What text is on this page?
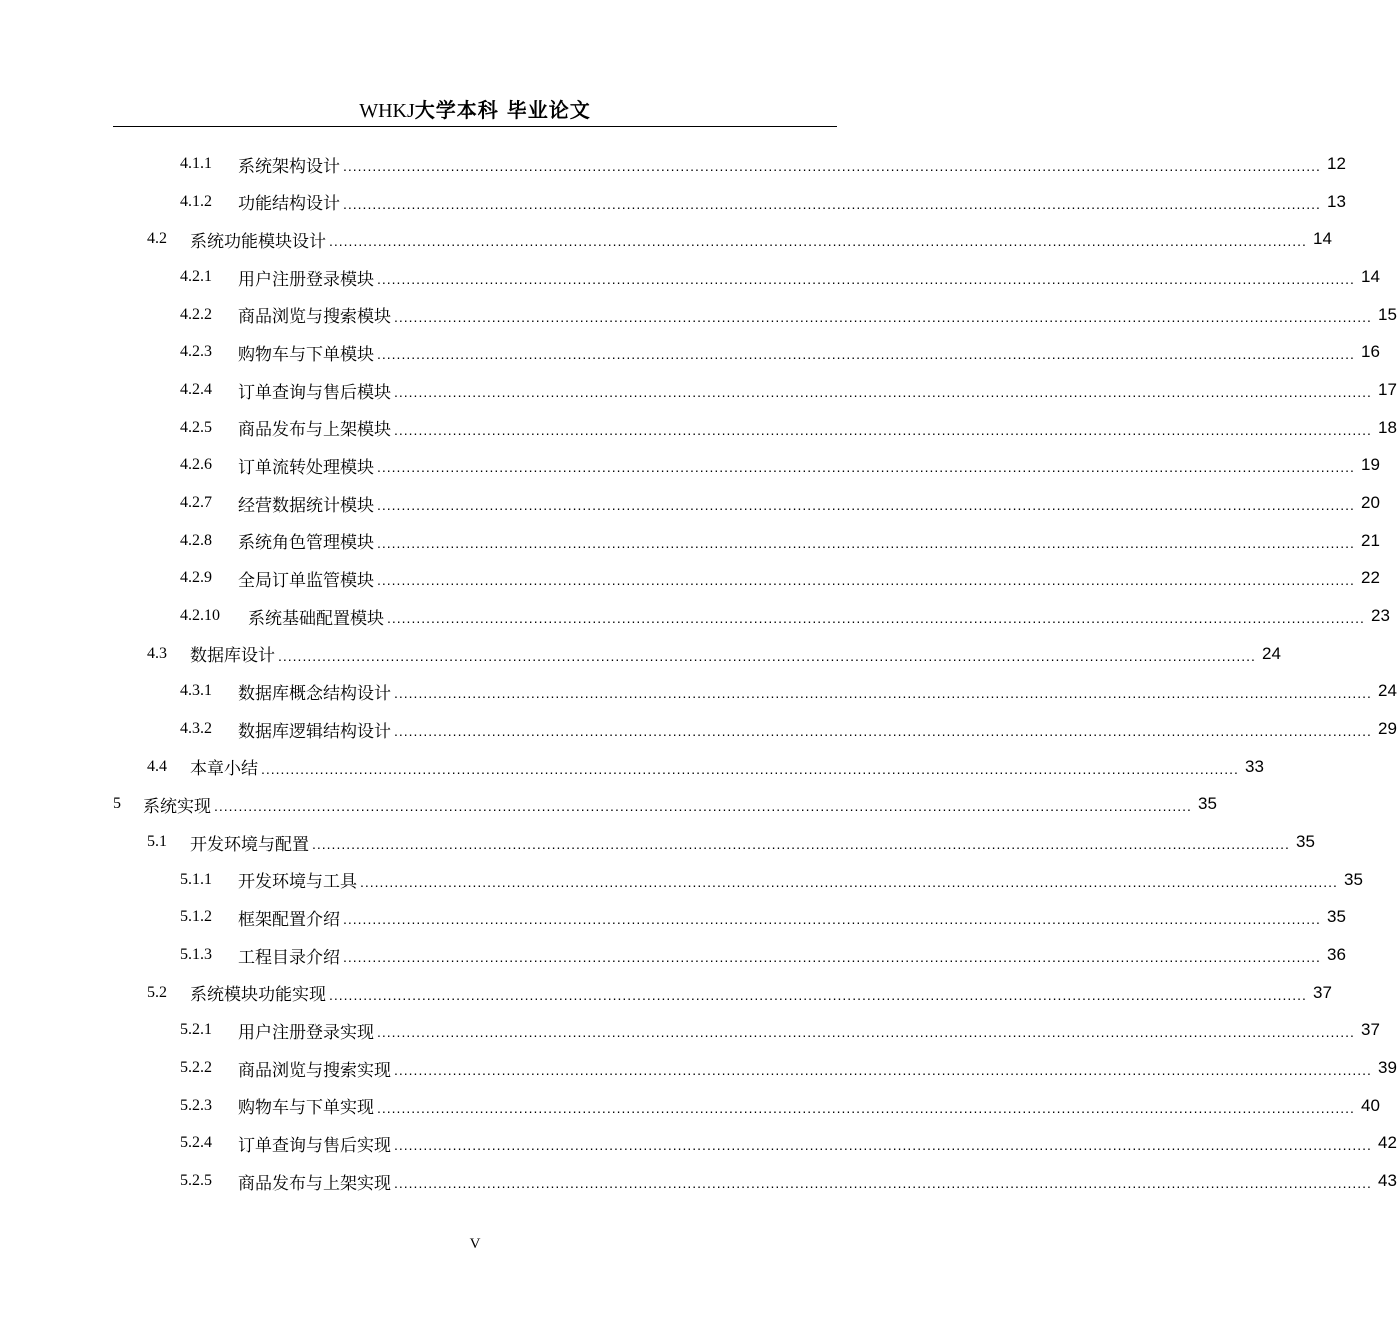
WHKJ大学本科 毕业论文
4.1.1	系统架构设计 ........................................................................................................................................................................................................ 12
4.1.2	功能结构设计 ........................................................................................................................................................................................................ 13
4.2	系统功能模块设计 ........................................................................................................................................................................................................ 14
4.2.1	用户注册登录模块 ........................................................................................................................................................................................................ 14
4.2.2	商品浏览与搜索模块 ........................................................................................................................................................................................................ 15
4.2.3	购物车与下单模块 ........................................................................................................................................................................................................ 16
4.2.4	订单查询与售后模块 ........................................................................................................................................................................................................ 17
4.2.5	商品发布与上架模块 ........................................................................................................................................................................................................ 18
4.2.6	订单流转处理模块 ........................................................................................................................................................................................................ 19
4.2.7	经营数据统计模块 ........................................................................................................................................................................................................ 20
4.2.8	系统角色管理模块 ........................................................................................................................................................................................................ 21
4.2.9	全局订单监管模块 ........................................................................................................................................................................................................ 22
4.2.10	系统基础配置模块 ........................................................................................................................................................................................................ 23
4.3	数据库设计 ........................................................................................................................................................................................................ 24
4.3.1	数据库概念结构设计 ........................................................................................................................................................................................................ 24
4.3.2	数据库逻辑结构设计 ........................................................................................................................................................................................................ 29
4.4	本章小结 ........................................................................................................................................................................................................ 33
5	系统实现 ........................................................................................................................................................................................................ 35
5.1	开发环境与配置 ........................................................................................................................................................................................................ 35
5.1.1	开发环境与工具 ........................................................................................................................................................................................................ 35
5.1.2	框架配置介绍 ........................................................................................................................................................................................................ 35
5.1.3	工程目录介绍 ........................................................................................................................................................................................................ 36
5.2	系统模块功能实现 ........................................................................................................................................................................................................ 37
5.2.1	用户注册登录实现 ........................................................................................................................................................................................................ 37
5.2.2	商品浏览与搜索实现 ........................................................................................................................................................................................................ 39
5.2.3	购物车与下单实现 ........................................................................................................................................................................................................ 40
5.2.4	订单查询与售后实现 ........................................................................................................................................................................................................ 42
5.2.5	商品发布与上架实现 ........................................................................................................................................................................................................ 43
V
